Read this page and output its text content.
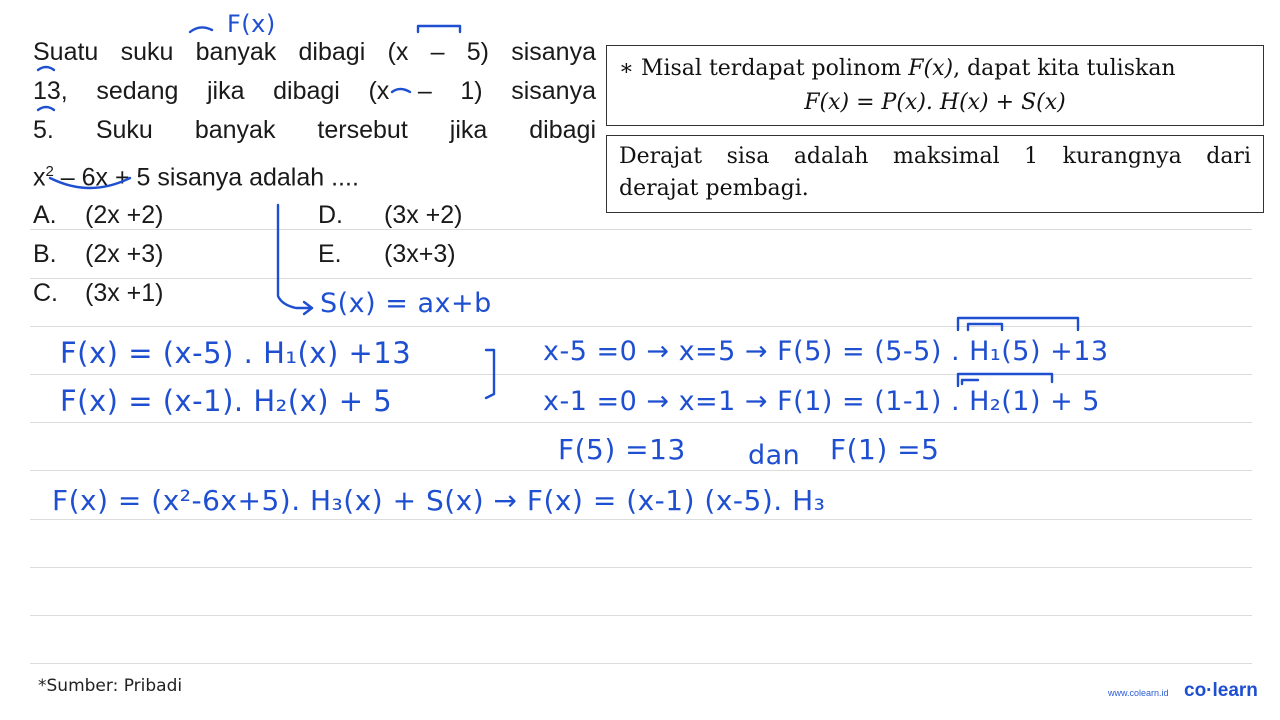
Suatu suku banyak dibagi (x – 5) sisanya
13, sedang jika dibagi (x – 1) sisanya
5. Suku banyak tersebut jika dibagi
$x^2 - 6x + 5$ sisanya adalah ....
A. (2x +2)
B. (2x +3)
C. (3x +1)
D. (3x +2)
E. (3x+3)
∗ Misal terdapat polinom F(x), dapat kita tuliskan
F(x) = P(x). H(x) + S(x)
Derajat sisa adalah maksimal 1 kurangnya dari
derajat pembagi.
F(x)
S(x) = ax+b
F(x) = (x-5) . H₁(x) +13
F(x) = (x-1). H₂(x) + 5
x-5 =0 → x=5 → F(5) = (5-5) . H₁(5) +13
x-1 =0 → x=1 → F(1) = (1-1) . H₂(1) + 5
F(5) =13 dan F(1) =5
F(x) = (x²-6x+5). H₃(x) + S(x) → F(x) = (x-1) (x-5). H₃
*Sumber: Pribadi	www.colearn.id co·learn
